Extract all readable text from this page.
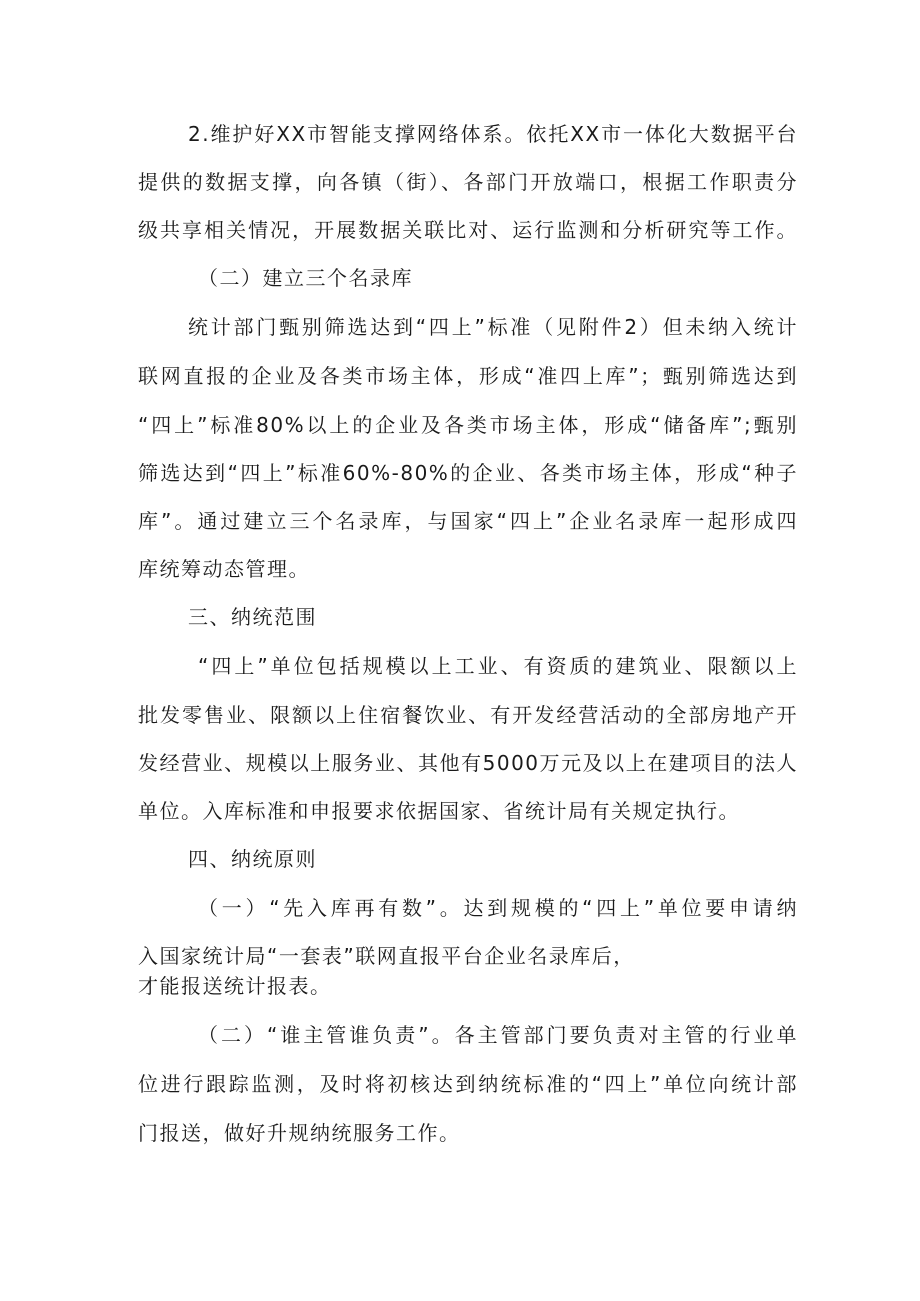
2.维护好XX市智能支撑网络体系。依托XX市一体化大数据平台
提供的数据支撑，向各镇（街）、各部门开放端口，根据工作职责分
级共享相关情况，开展数据关联比对、运行监测和分析研究等工作。
（二）建立三个名录库
统计部门甄别筛选达到“四上”标准（见附件2）但未纳入统计
联网直报的企业及各类市场主体，形成“准四上库”；甄别筛选达到
“四上”标准80%以上的企业及各类市场主体，形成“储备库”;甄别
筛选达到“四上”标准60%-80%的企业、各类市场主体，形成“种子
库”。通过建立三个名录库，与国家“四上”企业名录库一起形成四
库统筹动态管理。
三、纳统范围
“四上”单位包括规模以上工业、有资质的建筑业、限额以上
批发零售业、限额以上住宿餐饮业、有开发经营活动的全部房地产开
发经营业、规模以上服务业、其他有5000万元及以上在建项目的法人
单位。入库标准和申报要求依据国家、省统计局有关规定执行。
四、纳统原则
（一）“先入库再有数”。达到规模的“四上”单位要申请纳
入国家统计局“一套表”联网直报平台企业名录库后，
才能报送统计报表。
（二）“谁主管谁负责”。各主管部门要负责对主管的行业单
位进行跟踪监测，及时将初核达到纳统标准的“四上”单位向统计部
门报送，做好升规纳统服务工作。
